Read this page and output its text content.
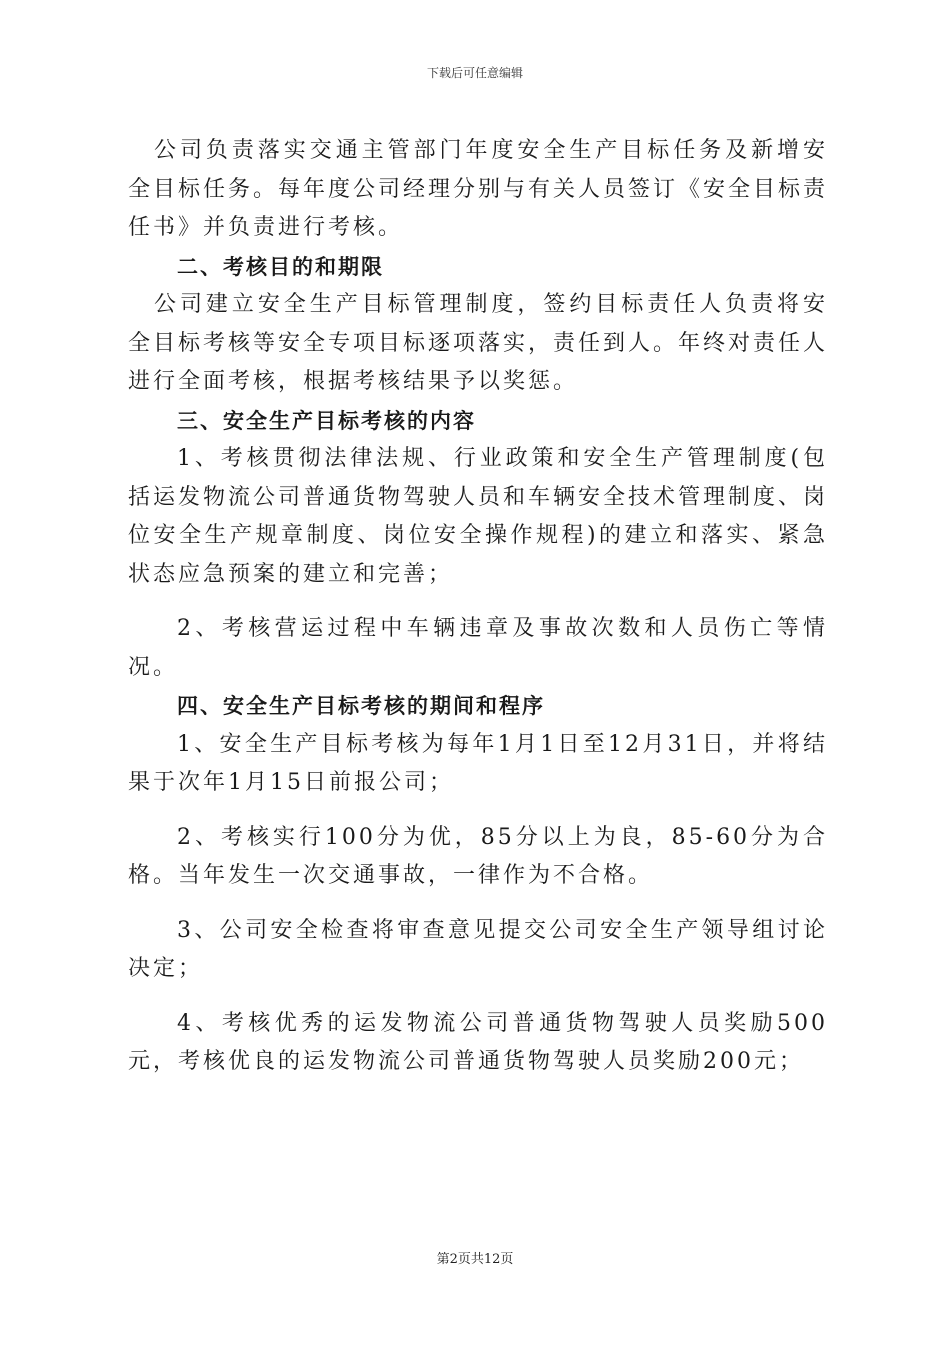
下载后可任意编辑

公司负责落实交通主管部门年度安全生产目标任务及新增安全目标任务。每年度公司经理分别与有关人员签订《安全目标责任书》并负责进行考核。

二、考核目的和期限

公司建立安全生产目标管理制度，签约目标责任人负责将安全目标考核等安全专项目标逐项落实，责任到人。年终对责任人进行全面考核，根据考核结果予以奖惩。

三、安全生产目标考核的内容

1、考核贯彻法律法规、行业政策和安全生产管理制度(包括运发物流公司普通货物驾驶人员和车辆安全技术管理制度、岗位安全生产规章制度、岗位安全操作规程)的建立和落实、紧急状态应急预案的建立和完善；

2、考核营运过程中车辆违章及事故次数和人员伤亡等情况。

四、安全生产目标考核的期间和程序

1、安全生产目标考核为每年1月1日至12月31日，并将结果于次年1月15日前报公司；

2、考核实行100分为优，85分以上为良，85-60分为合格。当年发生一次交通事故，一律作为不合格。

3、公司安全检查将审查意见提交公司安全生产领导组讨论决定；

4、考核优秀的运发物流公司普通货物驾驶人员奖励500元，考核优良的运发物流公司普通货物驾驶人员奖励200元；

第2页共12页
